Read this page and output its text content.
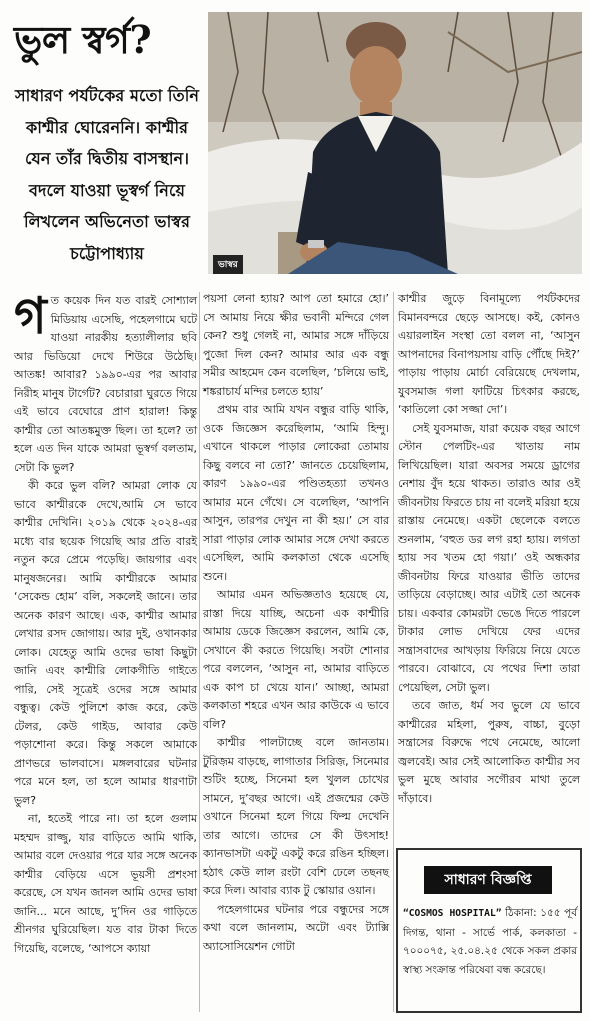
ভুল স্বর্গ?
সাধারণ পর্যটকের মতো তিনি কাশ্মীর ঘোরেননি। কাশ্মীর যেন তাঁর দ্বিতীয় বাসস্থান। বদলে যাওয়া ভূস্বর্গ নিয়ে লিখলেন অভিনেতা ভাস্বর চট্টোপাধ্যায়
ভাস্বর

গত কয়েক দিন যত বারই সোশ্যাল মিডিয়ায় এসেছি, পহেলগামে ঘটে যাওয়া নারকীয় হত্যালীলার ছবি আর ভিডিয়ো দেখে শিউরে উঠেছি। আতঙ্ক! আবার? ১৯৯০-এর পর আবার নিরীহ মানুষ টার্গেট? বেচারারা ঘুরতে গিয়ে এই ভাবে বেঘোরে প্রাণ হারাল! কিন্তু কাশ্মীর তো আতঙ্কমুক্ত ছিল। তা হলে? তা হলে এত দিন যাকে আমরা ভূস্বর্গ বলতাম, সেটা কি ভুল?

কী করে ভুল বলি? আমরা লোক যে ভাবে কাশ্মীরকে দেখে,আমি সে ভাবে কাশ্মীর দেখিনি। ২০১৯ থেকে ২০২৪-এর মধ্যে বার ছয়েক গিয়েছি আর প্রতি বারই নতুন করে প্রেমে পড়েছি। জায়গার এবং মানুষজনের। আমি কাশ্মীরকে আমার ‘সেকেন্ড হোম’ বলি, সকলেই জানে। তার অনেক কারণ আছে। এক, কাশ্মীর আমার লেখার রসদ জোগায়। আর দুই, ওখানকার লোক। যেহেতু আমি ওদের ভাষা কিছুটা জানি এবং কাশ্মীরি লোকগীতি গাইতে পারি, সেই সূত্রেই ওদের সঙ্গে আমার বন্ধুত্ব। কেউ পুলিশে কাজ করে, কেউ টেলর, কেউ গাইড, আবার কেউ পড়াশোনা করে। কিন্তু সকলে আমাকে প্রাণভরে ভালবাসে। মঙ্গলবারের ঘটনার পরে মনে হল, তা হলে আমার ধারণাটা ভুল?

না, হতেই পারে না। তা হলে গুলাম মহম্মদ রাজ্জু, যার বাড়িতে আমি থাকি, আমার বলে দেওয়ার পরে যার সঙ্গে অনেক কাশ্মীর বেড়িয়ে এসে ভূয়সী প্রশংসা করেছে, সে যখন জানল আমি ওদের ভাষা জানি... মনে আছে, দু’দিন ওর গাড়িতে শ্রীনগর ঘুরিয়েছিল। যত বার টাকা দিতে গিয়েছি, বলেছে, ‘আপসে ক্যায়া

পয়সা লেনা হ্যায়? আপ তো হমারে হো।’ সে আমায় নিয়ে ক্ষীর ভবানী মন্দিরে গেল কেন? শুধু গেলই না, আমার সঙ্গে দাঁড়িয়ে পুজো দিল কেন? আমার আর এক বন্ধু সমীর আহমেদ কেন বলেছিল, ‘চলিয়ে ভাই, শঙ্করাচার্য মন্দির চলতে হ্যায়’

প্রথম বার আমি যখন বন্ধুর বাড়ি থাকি, ওকে জিজ্ঞেস করেছিলাম, ‘আমি হিন্দু। এখানে থাকলে পাড়ার লোকেরা তোমায় কিছু বলবে না তো?’ জানতে চেয়েছিলাম, কারণ ১৯৯০-এর পণ্ডিতহত্যা তখনও আমার মনে গেঁথে। সে বলেছিল, ‘আপনি আসুন, তারপর দেখুন না কী হয়।’ সে বার সারা পাড়ার লোক আমার সঙ্গে দেখা করতে এসেছিল, আমি কলকাতা থেকে এসেছি শুনে।

আমার এমন অভিজ্ঞতাও হয়েছে যে, রাস্তা দিয়ে যাচ্ছি, অচেনা এক কাশ্মীরি আমায় ডেকে জিজ্ঞেস করলেন, আমি কে, সেখানে কী করতে গিয়েছি। সবটা শোনার পরে বললেন, ‘আসুন না, আমার বাড়িতে এক কাপ চা খেয়ে যান।’ আচ্ছা, আমরা কলকাতা শহরে এখন আর কাউকে এ ভাবে বলি?

কাশ্মীর পালটাচ্ছে বলে জানতাম। টুরিজ়ম বাড়ছে, লাগাতার সিরিজ়, সিনেমার শুটিং হচ্ছে, সিনেমা হল খুলল চোখের সামনে, দু’বছর আগে। এই প্রজন্মের কেউ ওখানে সিনেমা হলে গিয়ে ফিল্ম দেখেনি তার আগে। তাদের সে কী উৎসাহ! ক্যানভাসটা একটু একটু করে রঙিন হচ্ছিল। হঠাৎ কেউ লাল রংটা বেশি ঢেলে তছনছ করে দিল। আবার ব্যাক টু স্কোয়ার ওয়ান।

পহেলগামের ঘটনার পরে বন্ধুদের সঙ্গে কথা বলে জানলাম, অটো এবং ট্যাক্সি অ্যাসোসিয়েশন গোটা

কাশ্মীর জুড়ে বিনামূল্যে পর্যটকদের বিমানবন্দরে ছেড়ে আসছে। কই, কোনও এয়ারলাইন সংস্থা তো বলল না, ‘আসুন আপনাদের বিনাপয়সায় বাড়ি পৌঁছে দিই?’ পাড়ায় পাড়ায় মোর্চা বেরিয়েছে দেখলাম, যুবসমাজ গলা ফাটিয়ে চিৎকার করছে, ‘কাতিলো কো সজ্জা দো’।

সেই যুবসমাজ, যারা কয়েক বছর আগে স্টোন পেলটিং-এর খাতায় নাম লিখিয়েছিল। যারা অবসর সময়ে ড্রাগের নেশায় বুঁদ হয়ে থাকত। তারাও আর ওই জীবনটায় ফিরতে চায় না বলেই মরিয়া হয়ে রাস্তায় নেমেছে। একটা ছেলেকে বলতে শুনলাম, ‘বহুত ডর লগ রহা হ্যায়। লগতা হ্যায় সব খতম হো গয়া।’ ওই অন্ধকার জীবনটায় ফিরে যাওয়ার ভীতি তাদের তাড়িয়ে বেড়াচ্ছে। আর এটাই তো অনেক চায়। একবার কোমরটা ভেঙে দিতে পারলে টাকার লোভ দেখিয়ে ফের এদের সন্ত্রাসবাদের আখড়ায় ফিরিয়ে নিয়ে যেতে পারবে। বোঝাবে, যে পথের দিশা তারা পেয়েছিল, সেটা ভুল।

তবে জাত, ধর্ম সব ভুলে যে ভাবে কাশ্মীরের মহিলা, পুরুষ, বাচ্চা, বুড়ো সন্ত্রাসের বিরুদ্ধে পথে নেমেছে, আলো জ্বলবেই। আর সেই আলোকিত কাশ্মীর সব ভুল মুছে আবার সগৌরব মাথা তুলে দাঁড়াবে।

সাধারণ বিজ্ঞপ্তি
“COSMOS HOSPITAL” ঠিকানা: ১৫৫ পূর্ব দিগন্ত, থানা - সার্ভে পার্ক, কলকাতা - ৭০০০৭৫, ২৫.০৪.২৫ থেকে সকল প্রকার স্বাস্থ্য সংক্রান্ত পরিষেবা বন্ধ করেছে।
